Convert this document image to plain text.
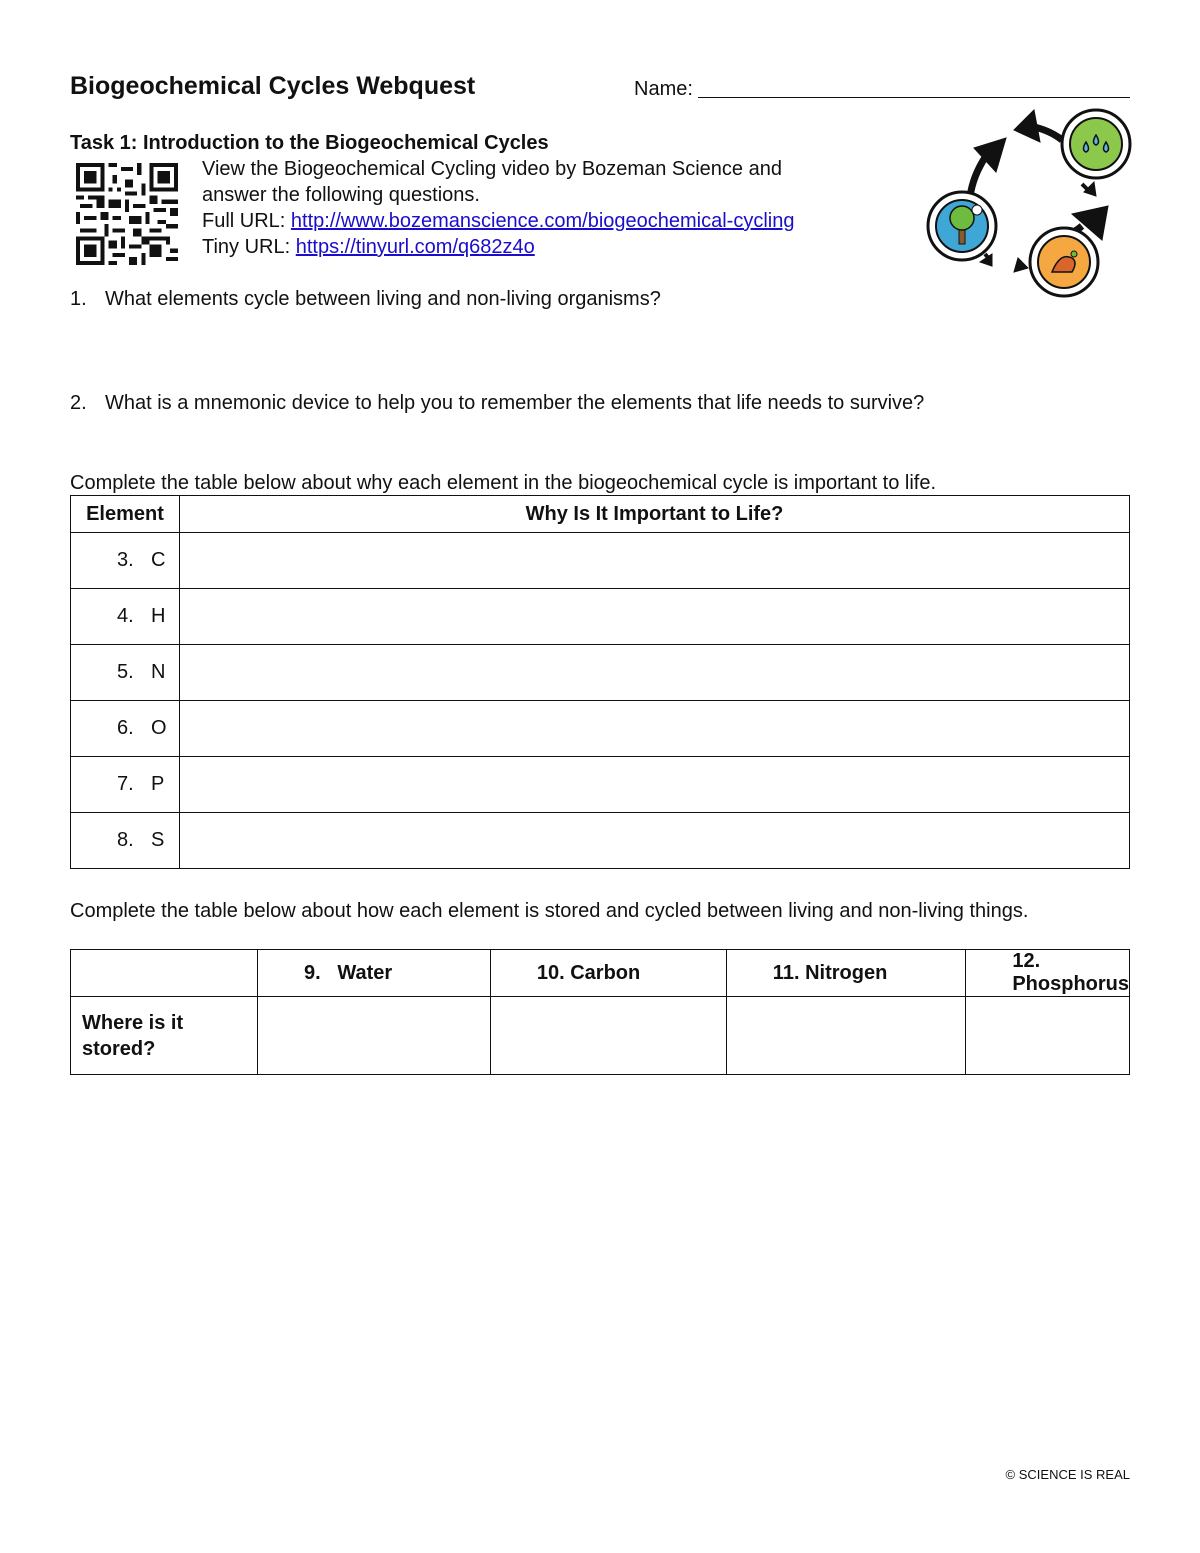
Biogeochemical Cycles Webquest	Name:
Task 1: Introduction to the Biogeochemical Cycles
View the Biogeochemical Cycling video by Bozeman Science and
answer the following questions.
Full URL: http://www.bozemanscience.com/biogeochemical-cycling
Tiny URL: https://tinyurl.com/q682z4o
1. What elements cycle between living and non-living organisms?
2. What is a mnemonic device to help you to remember the elements that life needs to survive?
Complete the table below about why each element in the biogeochemical cycle is important to life.
Element	Why Is It Important to Life?
3. C	
4. H	
5. N	
6. O	
7. P	
8. S	
Complete the table below about how each element is stored and cycled between living and non-living things.
	9. Water	10. Carbon	11. Nitrogen	12. Phosphorus
Where is it stored?				
© SCIENCE IS REAL
